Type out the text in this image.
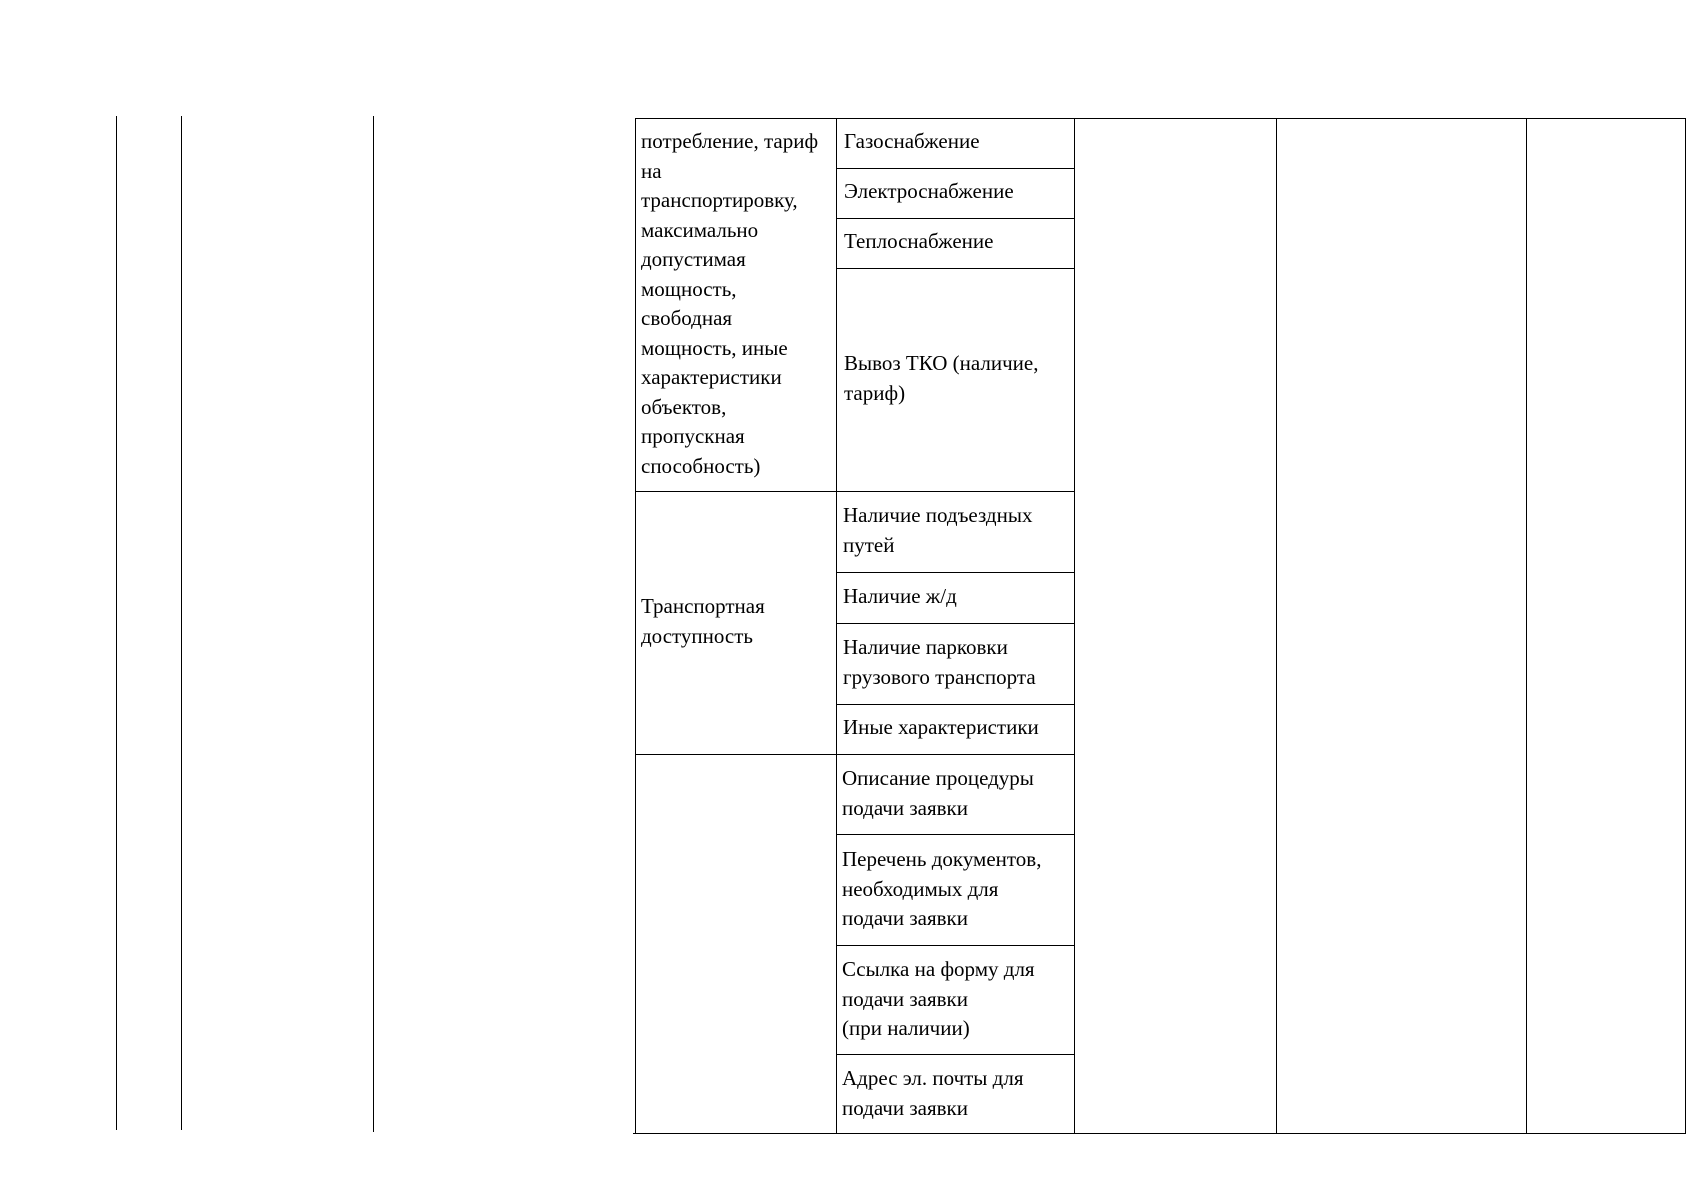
потребление, тариф
на
транспортировку,
максимально
допустимая
мощность,
свободная
мощность, иные
характеристики
объектов,
пропускная
способность)
Транспортная
доступность
Газоснабжение
Электроснабжение
Теплоснабжение
Вывоз ТКО (наличие,
тариф)
Наличие подъездных
путей
Наличие ж/д
Наличие парковки
грузового транспорта
Иные характеристики
Описание процедуры
подачи заявки
Перечень документов,
необходимых для
подачи заявки
Ссылка на форму для
подачи заявки
(при наличии)
Адрес эл. почты для
подачи заявки
